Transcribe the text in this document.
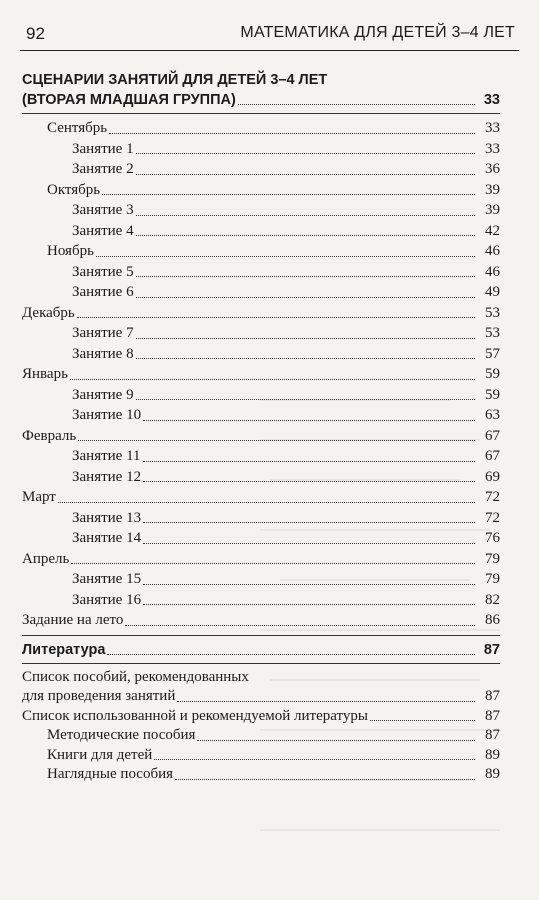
92	МАТЕМАТИКА ДЛЯ ДЕТЕЙ 3–4 ЛЕТ
СЦЕНАРИИ ЗАНЯТИЙ ДЛЯ ДЕТЕЙ 3–4 ЛЕТ
(ВТОРАЯ МЛАДШАЯ ГРУППА)	33
Сентябрь	33
Занятие 1	33
Занятие 2	36
Октябрь	39
Занятие 3	39
Занятие 4	42
Ноябрь	46
Занятие 5	46
Занятие 6	49
Декабрь	53
Занятие 7	53
Занятие 8	57
Январь	59
Занятие 9	59
Занятие 10	63
Февраль	67
Занятие 11	67
Занятие 12	69
Март	72
Занятие 13	72
Занятие 14	76
Апрель	79
Занятие 15	79
Занятие 16	82
Задание на лето	86
Литература	87
Список пособий, рекомендованных
для проведения занятий	87
Список использованной и рекомендуемой литературы	87
Методические пособия	87
Книги для детей	89
Наглядные пособия	89
